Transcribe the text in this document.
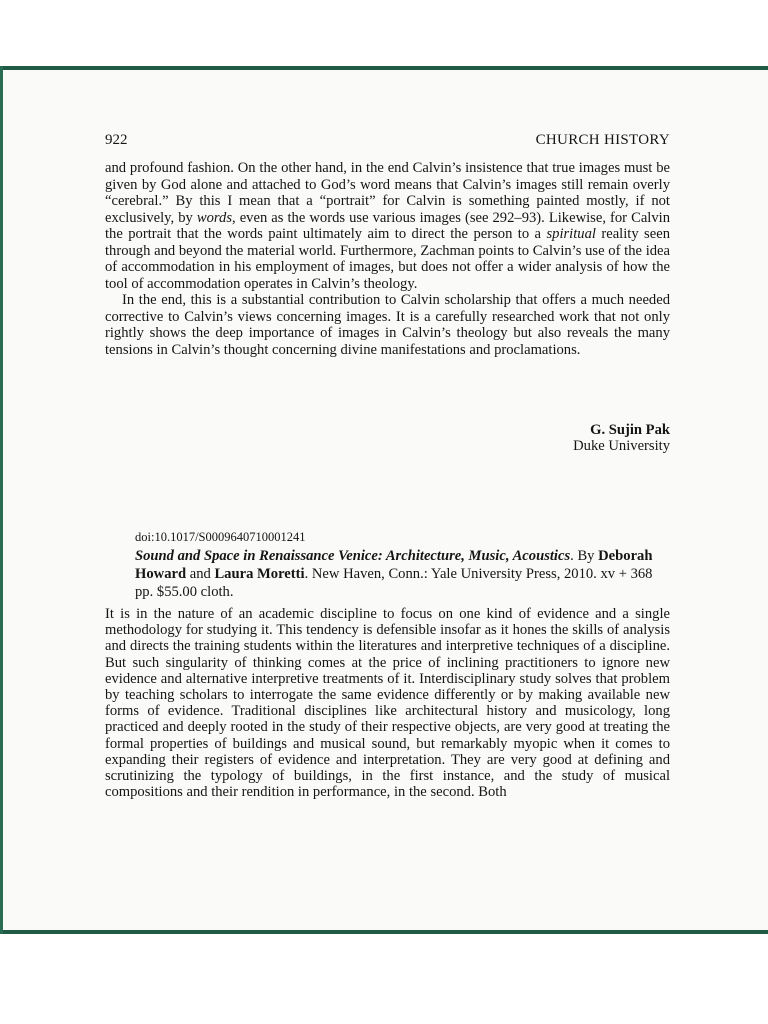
922	CHURCH HISTORY

and profound fashion. On the other hand, in the end Calvin’s insistence that true images must be given by God alone and attached to God’s word means that Calvin’s images still remain overly “cerebral.” By this I mean that a “portrait” for Calvin is something painted mostly, if not exclusively, by words, even as the words use various images (see 292–93). Likewise, for Calvin the portrait that the words paint ultimately aim to direct the person to a spiritual reality seen through and beyond the material world. Furthermore, Zachman points to Calvin’s use of the idea of accommodation in his employment of images, but does not offer a wider analysis of how the tool of accommodation operates in Calvin’s theology.

In the end, this is a substantial contribution to Calvin scholarship that offers a much needed corrective to Calvin’s views concerning images. It is a carefully researched work that not only rightly shows the deep importance of images in Calvin’s theology but also reveals the many tensions in Calvin’s thought concerning divine manifestations and proclamations.

G. Sujin Pak
Duke University
doi:10.1017/S0009640710001241
Sound and Space in Renaissance Venice: Architecture, Music, Acoustics. By Deborah Howard and Laura Moretti. New Haven, Conn.: Yale University Press, 2010. xv + 368 pp. $55.00 cloth.

It is in the nature of an academic discipline to focus on one kind of evidence and a single methodology for studying it. This tendency is defensible insofar as it hones the skills of analysis and directs the training students within the literatures and interpretive techniques of a discipline. But such singularity of thinking comes at the price of inclining practitioners to ignore new evidence and alternative interpretive treatments of it. Interdisciplinary study solves that problem by teaching scholars to interrogate the same evidence differently or by making available new forms of evidence. Traditional disciplines like architectural history and musicology, long practiced and deeply rooted in the study of their respective objects, are very good at treating the formal properties of buildings and musical sound, but remarkably myopic when it comes to expanding their registers of evidence and interpretation. They are very good at defining and scrutinizing the typology of buildings, in the first instance, and the study of musical compositions and their rendition in performance, in the second. Both
